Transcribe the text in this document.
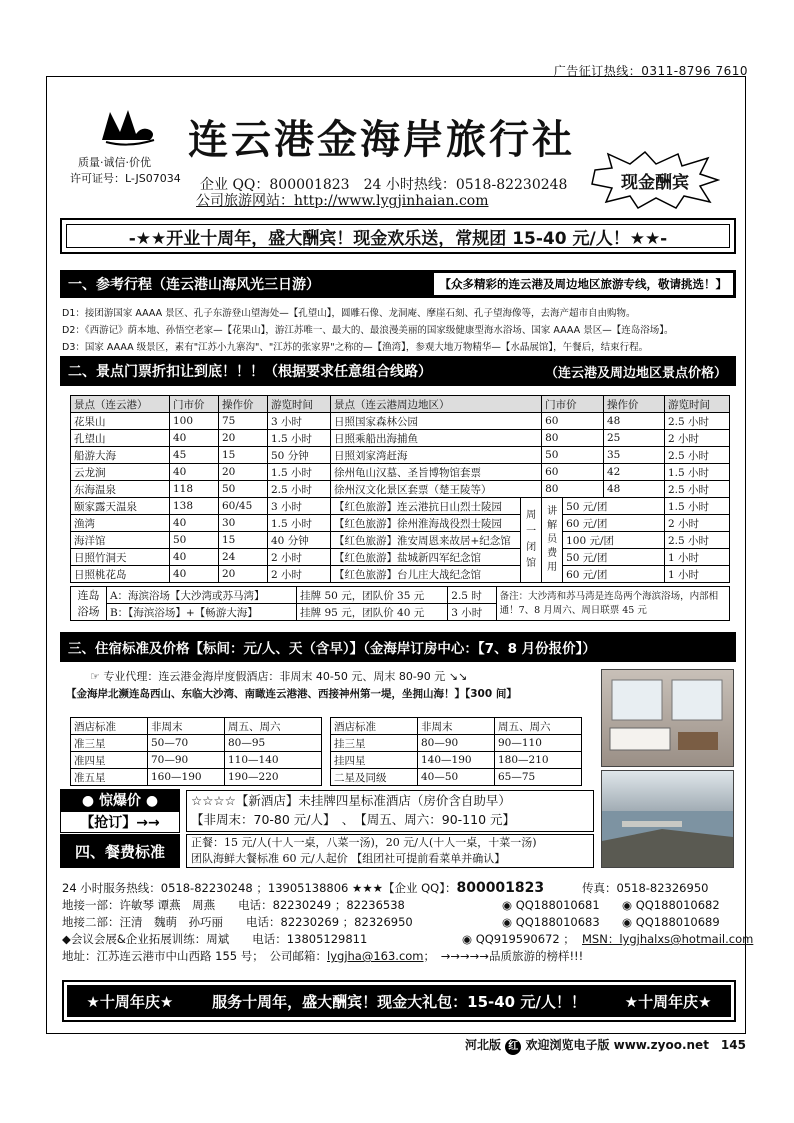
广告征订热线：0311-8796 7610
质量·诚信·价优
许可证号：L-JS07034
连云港金海岸旅行社
企业 QQ：800001823　24 小时热线：0518-82230248
公司旅游网站：http://www.lygjinhaian.com
现金酬宾
-★★开业十周年，盛大酬宾！现金欢乐送，常规团 15-40 元/人！★★-
一、参考行程（连云港山海风光三日游）	【众多精彩的连云港及周边地区旅游专线，敬请挑选！】
D1：接团游国家 AAAA 景区、孔子东游登山望海处—【孔望山】，圆雕石像、龙洞庵、摩崖石刻、孔子望海像等，去海产超市自由购物。
D2：《西游记》荫本地、孙悟空老家—【花果山】，游江苏唯一、最大的、最浪漫美丽的国家级健康型海水浴场、国家 AAAA 景区—【连岛浴场】。
D3：国家 AAAA 级景区，素有"江苏小九寨沟"、"江苏的张家界"之称的—【渔湾】，参观大地万物精华—【水晶展馆】，午餐后，结束行程。
二、景点门票折扣让到底！！！（根据要求任意组合线路）	（连云港及周边地区景点价格）
景点（连云港）	门市价	操作价	游览时间	景点（连云港周边地区）		门市价		操作价	游览时间
花果山	100	75	3 小时	日照国家森林公园		60		48	2.5 小时
孔望山	40	20	1.5 小时	日照乘船出海捕鱼		80		25	2 小时
船游大海	45	15	50 分钟	日照刘家湾赶海		50		35	2.5 小时
云龙涧	40	20	1.5 小时	徐州龟山汉墓、圣旨博物馆套票		60		42	1.5 小时
东海温泉	118	50	2.5 小时	徐州汉文化景区套票（楚王陵等）		80		48	2.5 小时
颐家露天温泉	138	60/45	3 小时	【红色旅游】连云港抗日山烈士陵园	周一闭馆	讲解员费用	50 元/团		1.5 小时
渔湾	40	30	1.5 小时	【红色旅游】徐州淮海战役烈士陵园			60 元/团		2 小时
海洋馆	50	15	40 分钟	【红色旅游】淮安周恩来故居+纪念馆			100 元/团		2.5 小时
日照竹洞天	40	24	2 小时	【红色旅游】盐城新四军纪念馆			50 元/团		1 小时
日照桃花岛	40	20	2 小时	【红色旅游】台儿庄大战纪念馆			60 元/团		1 小时
连岛浴场	A：海滨浴场【大沙湾或苏马湾】	挂牌 50 元，团队价 35 元	2.5 时	备注：大沙湾和苏马湾是连岛两个海滨浴场，内部相通！7、8 月周六、周日联票 45 元
	B：【海滨浴场】+【畅游大海】	挂牌 95 元，团队价 40 元	3 小时	
三、住宿标准及价格【标间：元/人、天（含早）】（金海岸订房中心：【7、8 月份报价】）
☞ 专业代理：连云港金海岸度假酒店：非周末 40-50 元、周末 80-90 元 ↘↘
【金海岸北濒连岛西山、东临大沙湾、南瞰连云港港、西接神州第一堤，坐拥山海！】【300 间】
酒店标准	非周末	周五、周六
准三星	50—70	80—95
准四星	70—90	110—140
准五星	160—190	190—220
酒店标准	非周末	周五、周六
挂三星	80—90	90—110
挂四星	140—190	180—210
二星及同级	40—50	65—75
● 惊爆价 ●
【抢订】→→
☆☆☆☆【新酒店】未挂牌四星标准酒店（房价含自助早）
【非周末：70-80 元/人】　、　【周五、周六：90-110 元】
四、餐费标准	正餐：15 元/人(十人一桌，八菜一汤)，20 元/人(十人一桌，十菜一汤)
团队海鲜大餐标准 60 元/人起价 【组团社可提前看菜单并确认】
24 小时服务热线：0518-82230248 ；13905138806 ★★★【企业 QQ】：800001823	传真：0518-82326950
地接一部：许敏琴 谭燕　周燕　　电话：82230249 ；82236538	◉ QQ188010681 ◉ QQ188010682
地接二部：汪清　魏萌　孙巧丽　　电话：82230269 ；82326950	◉ QQ188010683 ◉ QQ188010689
◆会议会展&企业拓展训练：周斌　　电话：13805129811	◉ QQ919590672 ； MSN：lygjhalxs@hotmail.com
地址：江苏连云港市中山西路 155 号；　公司邮箱：lygjha@163.com；　→→→→→品质旅游的榜样!!!
★十周年庆★	服务十周年，盛大酬宾！现金大礼包：15-40 元/人！！	★十周年庆★
河北版 红 欢迎浏览电子版 www.zyoo.net　145
